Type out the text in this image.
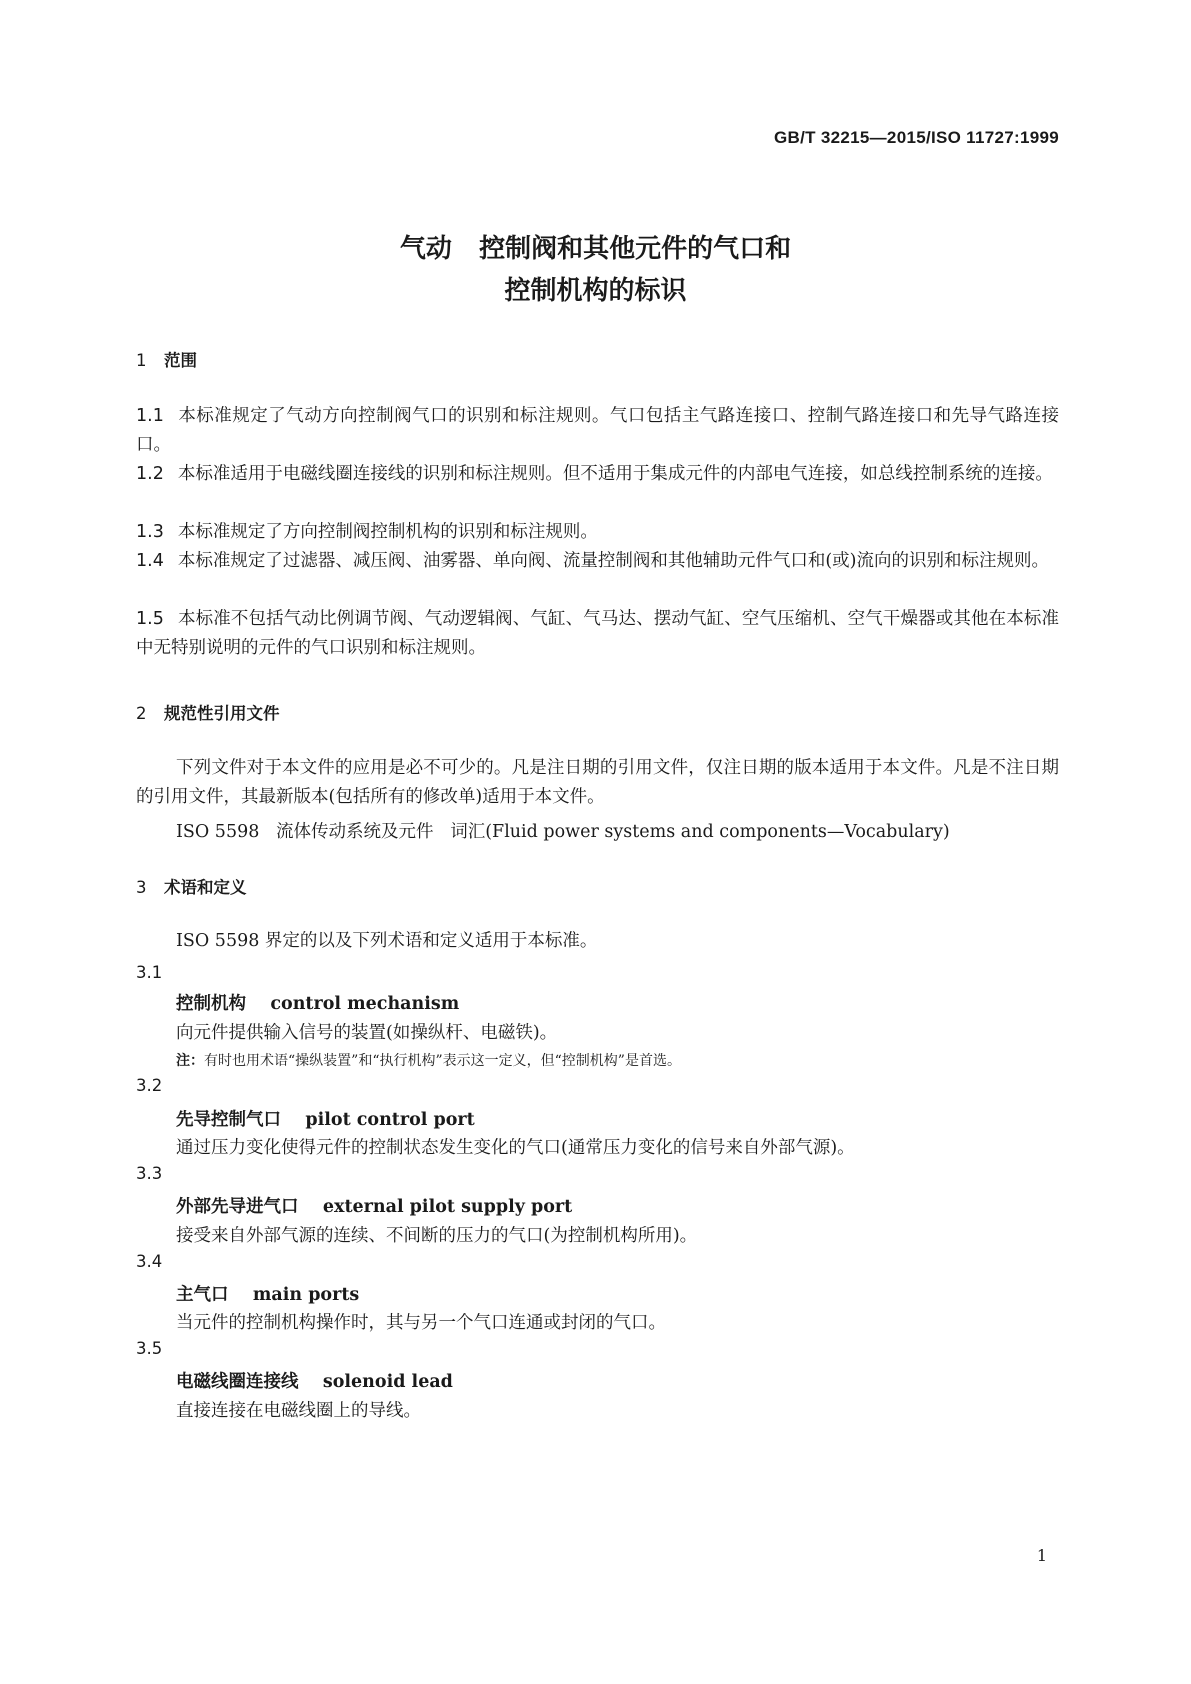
GB/T 32215—2015/ISO 11727:1999
气动   控制阀和其他元件的气口和
控制机构的标识
1 范围
1.1 本标准规定了气动方向控制阀气口的识别和标注规则。气口包括主气路连接口、控制气路连接口和先导气路连接口。
1.2 本标准适用于电磁线圈连接线的识别和标注规则。但不适用于集成元件的内部电气连接，如总线控制系统的连接。
1.3 本标准规定了方向控制阀控制机构的识别和标注规则。
1.4 本标准规定了过滤器、减压阀、油雾器、单向阀、流量控制阀和其他辅助元件气口和(或)流向的识别和标注规则。
1.5 本标准不包括气动比例调节阀、气动逻辑阀、气缸、气马达、摆动气缸、空气压缩机、空气干燥器或其他在本标准中无特别说明的元件的气口识别和标注规则。
2 规范性引用文件
下列文件对于本文件的应用是必不可少的。凡是注日期的引用文件，仅注日期的版本适用于本文件。凡是不注日期的引用文件，其最新版本(包括所有的修改单)适用于本文件。
ISO 5598   流体传动系统及元件   词汇(Fluid power systems and components—Vocabulary)
3 术语和定义
ISO 5598 界定的以及下列术语和定义适用于本标准。
3.1
控制机构 control mechanism
向元件提供输入信号的装置(如操纵杆、电磁铁)。
注：有时也用术语“操纵装置”和“执行机构”表示这一定义，但“控制机构”是首选。
3.2
先导控制气口 pilot control port
通过压力变化使得元件的控制状态发生变化的气口(通常压力变化的信号来自外部气源)。
3.3
外部先导进气口 external pilot supply port
接受来自外部气源的连续、不间断的压力的气口(为控制机构所用)。
3.4
主气口 main ports
当元件的控制机构操作时，其与另一个气口连通或封闭的气口。
3.5
电磁线圈连接线 solenoid lead
直接连接在电磁线圈上的导线。
1
